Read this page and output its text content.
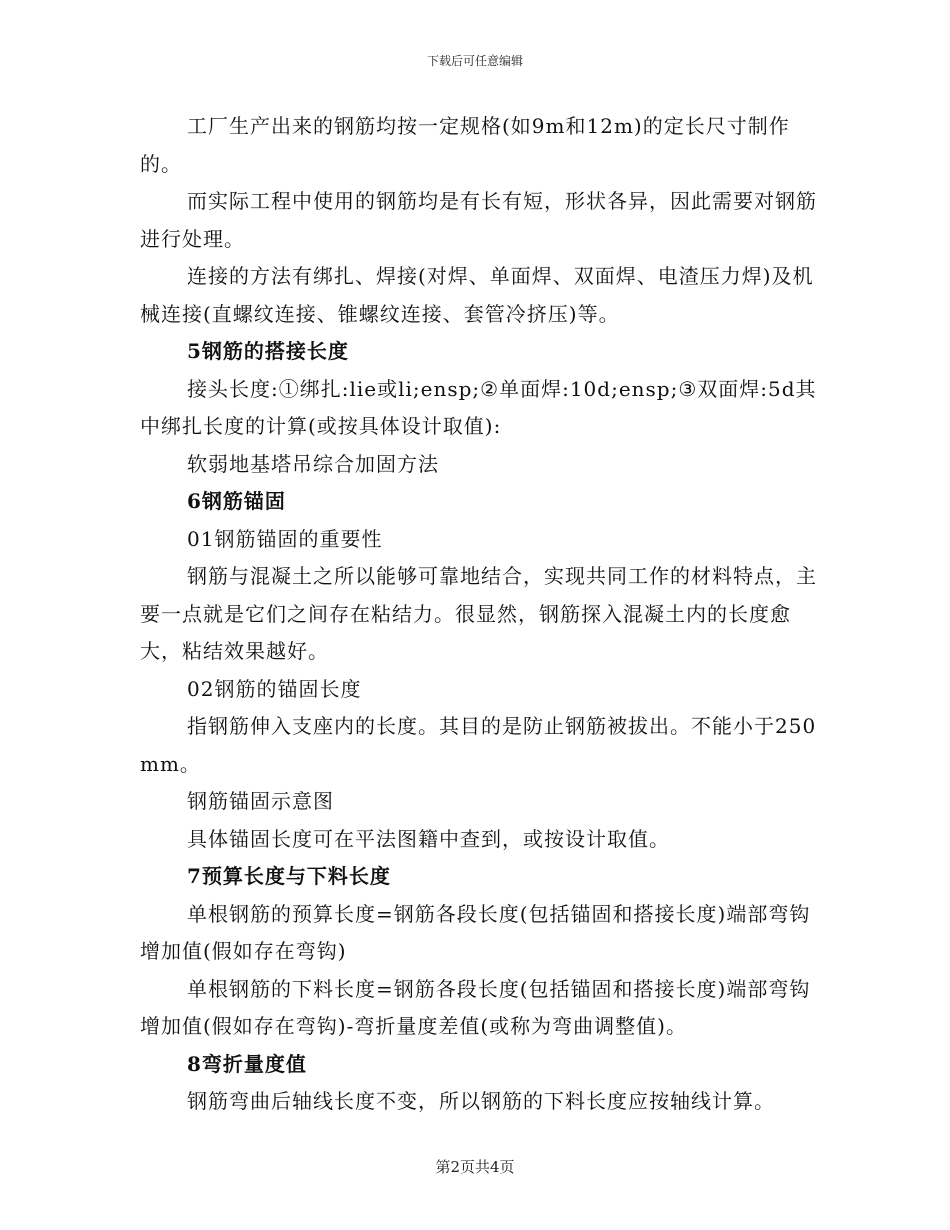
下载后可任意编辑

工厂生产出来的钢筋均按一定规格(如9m和12m)的定长尺寸制作的。

而实际工程中使用的钢筋均是有长有短，形状各异，因此需要对钢筋进行处理。

连接的方法有绑扎、焊接(对焊、单面焊、双面焊、电渣压力焊)及机械连接(直螺纹连接、锥螺纹连接、套管冷挤压)等。

5钢筋的搭接长度

接头长度:①绑扎:lie或li;ensp;②单面焊:10d;ensp;③双面焊:5d其中绑扎长度的计算(或按具体设计取值):

软弱地基塔吊综合加固方法

6钢筋锚固

01钢筋锚固的重要性

钢筋与混凝土之所以能够可靠地结合，实现共同工作的材料特点，主要一点就是它们之间存在粘结力。很显然，钢筋探入混凝土内的长度愈大，粘结效果越好。

02钢筋的锚固长度

指钢筋伸入支座内的长度。其目的是防止钢筋被拔出。不能小于250mm。

钢筋锚固示意图

具体锚固长度可在平法图籍中查到，或按设计取值。

7预算长度与下料长度

单根钢筋的预算长度=钢筋各段长度(包括锚固和搭接长度)端部弯钩增加值(假如存在弯钩)

单根钢筋的下料长度=钢筋各段长度(包括锚固和搭接长度)端部弯钩增加值(假如存在弯钩)-弯折量度差值(或称为弯曲调整值)。

8弯折量度值

钢筋弯曲后轴线长度不变，所以钢筋的下料长度应按轴线计算。

第2页共4页
